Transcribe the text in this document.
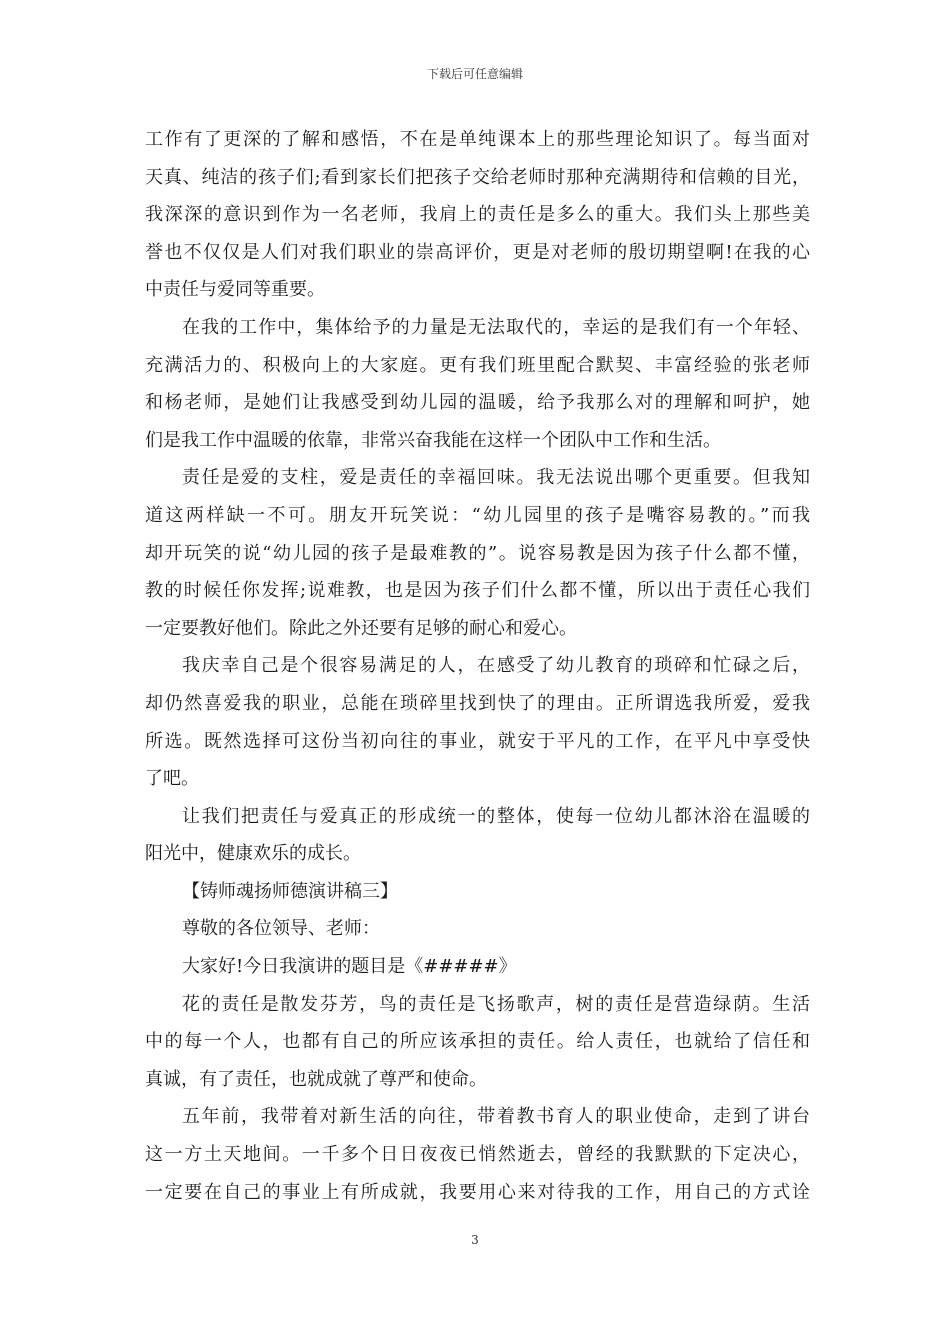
下载后可任意编辑
工作有了更深的了解和感悟，不在是单纯课本上的那些理论知识了。每当面对
天真、纯洁的孩子们;看到家长们把孩子交给老师时那种充满期待和信赖的目光，
我深深的意识到作为一名老师，我肩上的责任是多么的重大。我们头上那些美
誉也不仅仅是人们对我们职业的崇高评价，更是对老师的殷切期望啊!在我的心
中责任与爱同等重要。
在我的工作中，集体给予的力量是无法取代的，幸运的是我们有一个年轻、
充满活力的、积极向上的大家庭。更有我们班里配合默契、丰富经验的张老师
和杨老师，是她们让我感受到幼儿园的温暖，给予我那么对的理解和呵护，她
们是我工作中温暖的依靠，非常兴奋我能在这样一个团队中工作和生活。
责任是爱的支柱，爱是责任的幸福回味。我无法说出哪个更重要。但我知
道这两样缺一不可。朋友开玩笑说：“幼儿园里的孩子是嘴容易教的。”而我
却开玩笑的说“幼儿园的孩子是最难教的”。说容易教是因为孩子什么都不懂，
教的时候任你发挥;说难教，也是因为孩子们什么都不懂，所以出于责任心我们
一定要教好他们。除此之外还要有足够的耐心和爱心。
我庆幸自己是个很容易满足的人，在感受了幼儿教育的琐碎和忙碌之后，
却仍然喜爱我的职业，总能在琐碎里找到快了的理由。正所谓选我所爱，爱我
所选。既然选择可这份当初向往的事业，就安于平凡的工作，在平凡中享受快
了吧。
让我们把责任与爱真正的形成统一的整体，使每一位幼儿都沐浴在温暖的
阳光中，健康欢乐的成长。
【铸师魂扬师德演讲稿三】
尊敬的各位领导、老师：
大家好!今日我演讲的题目是《#####》
花的责任是散发芬芳，鸟的责任是飞扬歌声，树的责任是营造绿荫。生活
中的每一个人，也都有自己的所应该承担的责任。给人责任，也就给了信任和
真诚，有了责任，也就成就了尊严和使命。
五年前，我带着对新生活的向往，带着教书育人的职业使命，走到了讲台
这一方土天地间。一千多个日日夜夜已悄然逝去，曾经的我默默的下定决心，
一定要在自己的事业上有所成就，我要用心来对待我的工作，用自己的方式诠
3
